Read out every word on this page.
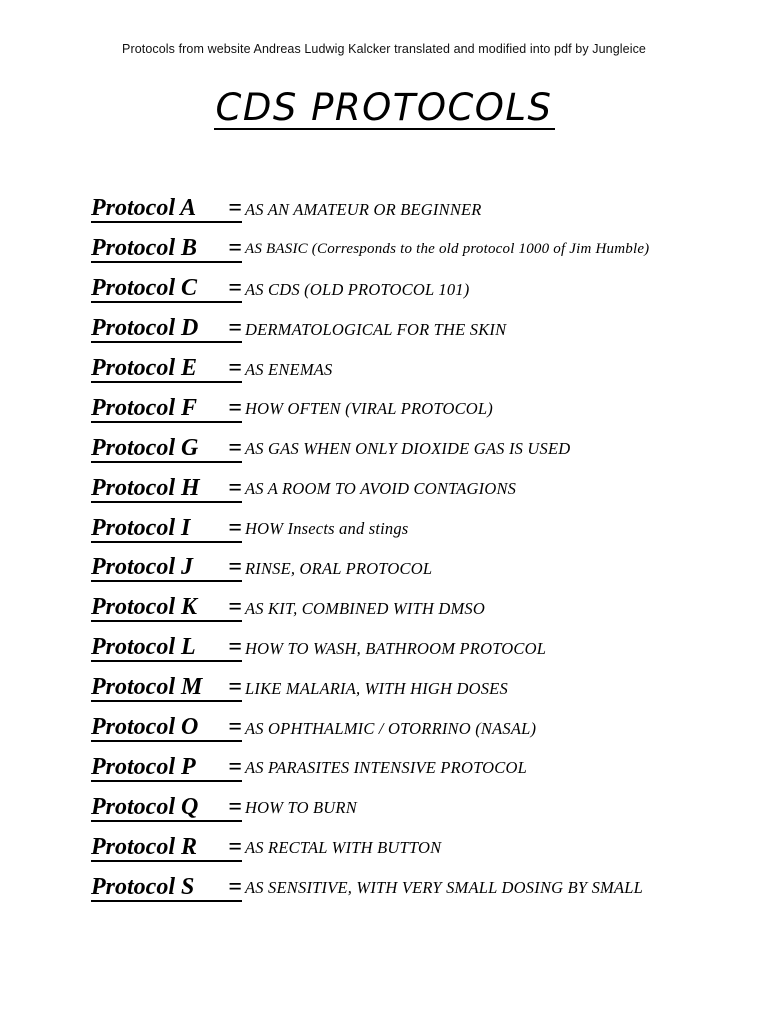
Protocols from website Andreas Ludwig Kalcker translated and modified into pdf by Jungleice
CDS PROTOCOLS
Protocol A	= AS AN AMATEUR OR BEGINNER
Protocol B	= AS BASIC (Corresponds to the old protocol 1000 of Jim Humble)
Protocol C	= AS CDS (OLD PROTOCOL 101)
Protocol D	= DERMATOLOGICAL FOR THE SKIN
Protocol E	= AS ENEMAS
Protocol F	= HOW OFTEN (VIRAL PROTOCOL)
Protocol G	= AS GAS WHEN ONLY DIOXIDE GAS IS USED
Protocol H	= AS A ROOM TO AVOID CONTAGIONS
Protocol I	= HOW Insects and stings
Protocol J	= RINSE, ORAL PROTOCOL
Protocol K	= AS KIT, COMBINED WITH DMSO
Protocol L	= HOW TO WASH, BATHROOM PROTOCOL
Protocol M	= LIKE MALARIA, WITH HIGH DOSES
Protocol O	= AS OPHTHALMIC / OTORRINO (NASAL)
Protocol P	= AS PARASITES INTENSIVE PROTOCOL
Protocol Q	= HOW TO BURN
Protocol R	= AS RECTAL WITH BUTTON
Protocol S	= AS SENSITIVE, WITH VERY SMALL DOSING BY SMALL
